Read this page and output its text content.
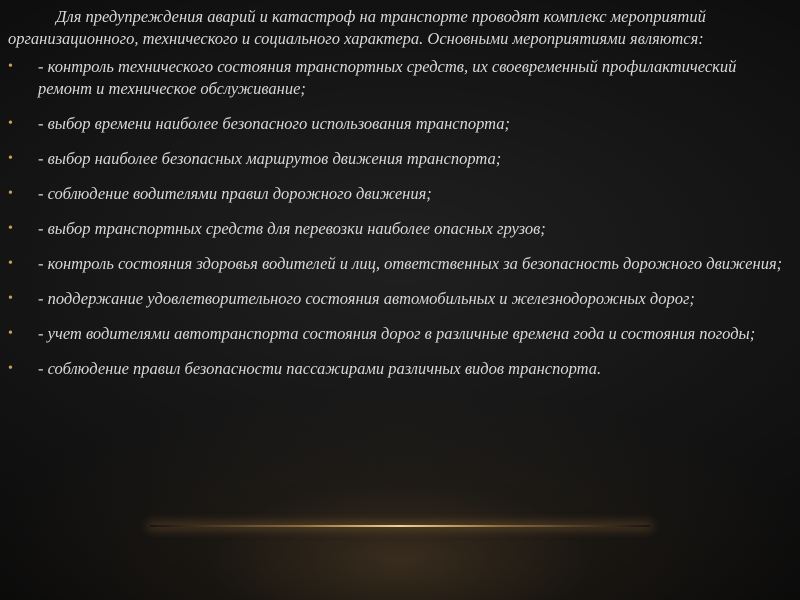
Для предупреждения аварий и катастроф на транспорте проводят комплекс мероприятий организационного, технического и социального характера. Основными мероприятиями являются:

• - контроль технического состояния транспортных средств, их своевременный профилактический ремонт и техническое обслуживание;
• - выбор времени наиболее безопасного использования транспорта;
• - выбор наиболее безопасных маршрутов движения транспорта;
• - соблюдение водителями правил дорожного движения;
• - выбор транспортных средств для перевозки наиболее опасных грузов;
• - контроль состояния здоровья водителей и лиц, ответственных за безопасность дорожного движения;
• - поддержание удовлетворительного состояния автомобильных и железнодорожных дорог;
• - учет водителями автотранспорта состояния дорог в различные времена года и состояния погоды;
• - соблюдение правил безопасности пассажирами различных видов транспорта.
